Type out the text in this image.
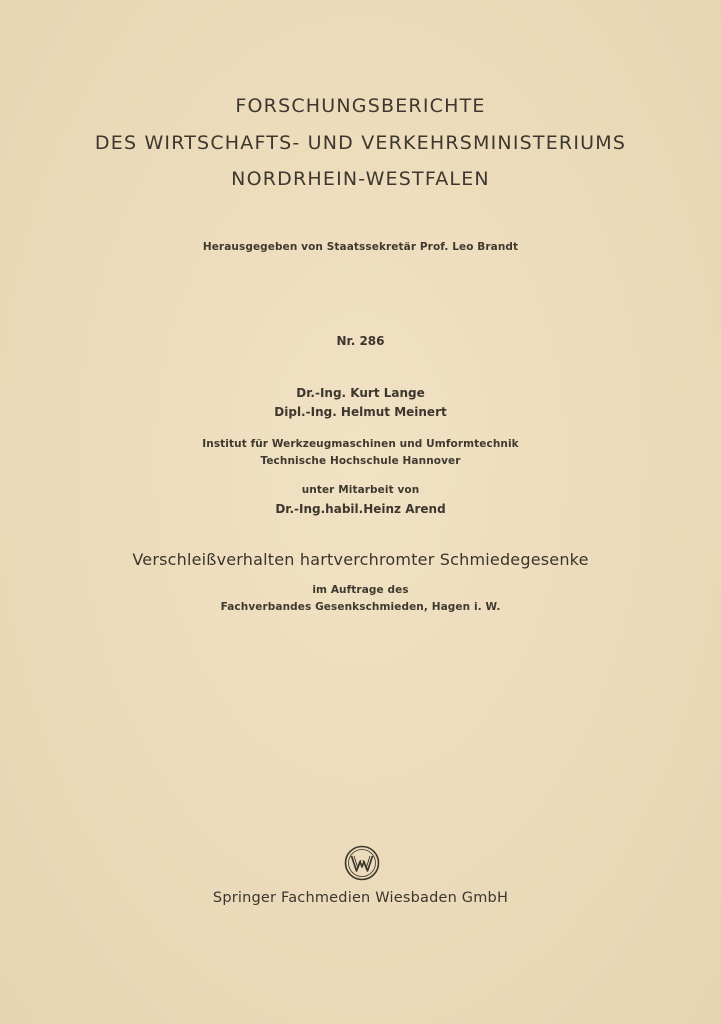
FORSCHUNGSBERICHTE
DES WIRTSCHAFTS- UND VERKEHRSMINISTERIUMS
NORDRHEIN-WESTFALEN
Herausgegeben von Staatssekretär Prof. Leo Brandt
Nr. 286
Dr.-Ing. Kurt Lange
Dipl.-Ing. Helmut Meinert
Institut für Werkzeugmaschinen und Umformtechnik
Technische Hochschule Hannover
unter Mitarbeit von
Dr.-Ing.habil.Heinz Arend
Verschleißverhalten hartverchromter Schmiedegesenke
im Auftrage des
Fachverbandes Gesenkschmieden, Hagen i. W.
Springer Fachmedien Wiesbaden GmbH
